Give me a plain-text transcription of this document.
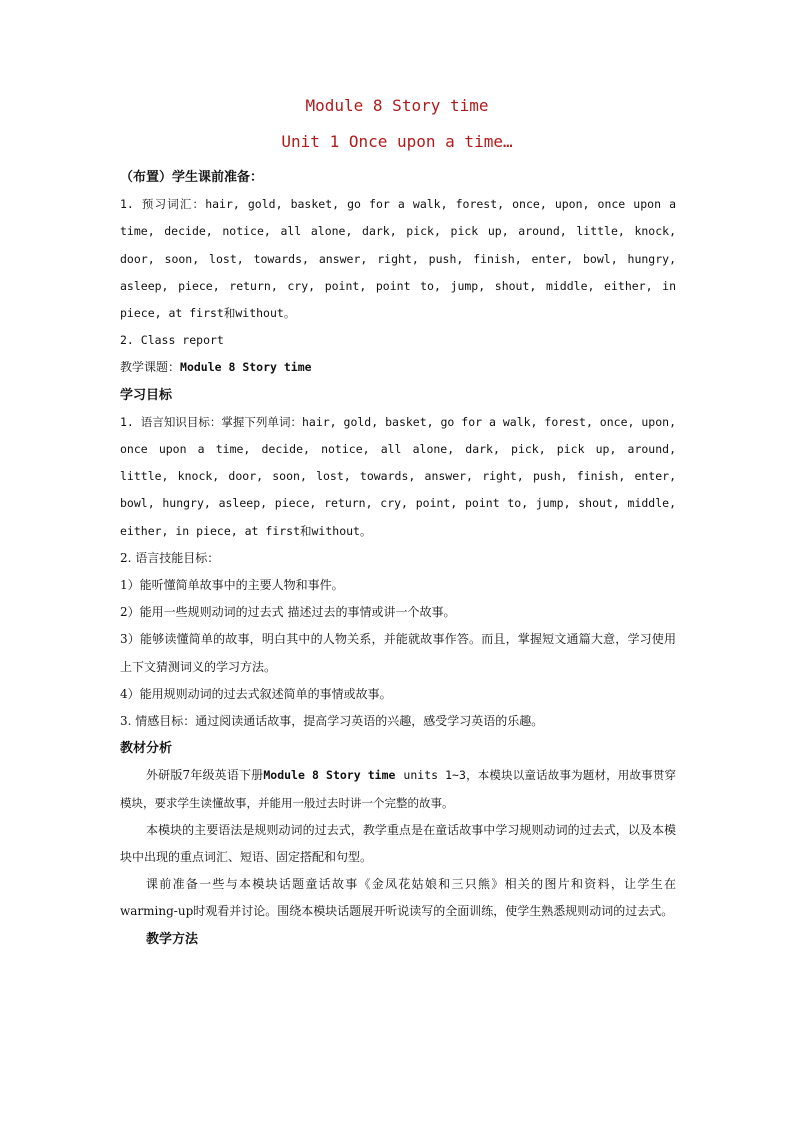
Module 8 Story time
Unit 1 Once upon a time…
（布置）学生课前准备：
1. 预习词汇：hair, gold, basket, go for a walk, forest, once, upon, once upon a time, decide, notice, all alone, dark, pick, pick up, around, little, knock, door, soon, lost, towards, answer, right, push, finish, enter, bowl, hungry, asleep, piece, return, cry, point, point to, jump, shout, middle, either, in piece, at first和without。
2. Class report
教学课题：Module 8 Story time
学习目标
1. 语言知识目标：掌握下列单词：hair, gold, basket, go for a walk, forest, once, upon, once upon a time, decide, notice, all alone, dark, pick, pick up, around, little, knock, door, soon, lost, towards, answer, right, push, finish, enter, bowl, hungry, asleep, piece, return, cry, point, point to, jump, shout, middle, either, in piece, at first和without。
2. 语言技能目标：
1）能听懂简单故事中的主要人物和事件。
2）能用一些规则动词的过去式 描述过去的事情或讲一个故事。
3）能够读懂简单的故事，明白其中的人物关系，并能就故事作答。而且，掌握短文通篇大意，学习使用上下文猜测词义的学习方法。
4）能用规则动词的过去式叙述简单的事情或故事。
3. 情感目标：通过阅读通话故事，提高学习英语的兴趣，感受学习英语的乐趣。
教材分析
外研版7年级英语下册Module 8 Story time units 1~3，本模块以童话故事为题材，用故事贯穿模块，要求学生读懂故事，并能用一般过去时讲一个完整的故事。
本模块的主要语法是规则动词的过去式，教学重点是在童话故事中学习规则动词的过去式，以及本模块中出现的重点词汇、短语、固定搭配和句型。
课前准备一些与本模块话题童话故事《金凤花姑娘和三只熊》相关的图片和资料，让学生在warming-up时观看并讨论。围绕本模块话题展开听说读写的全面训练，使学生熟悉规则动词的过去式。
教学方法
